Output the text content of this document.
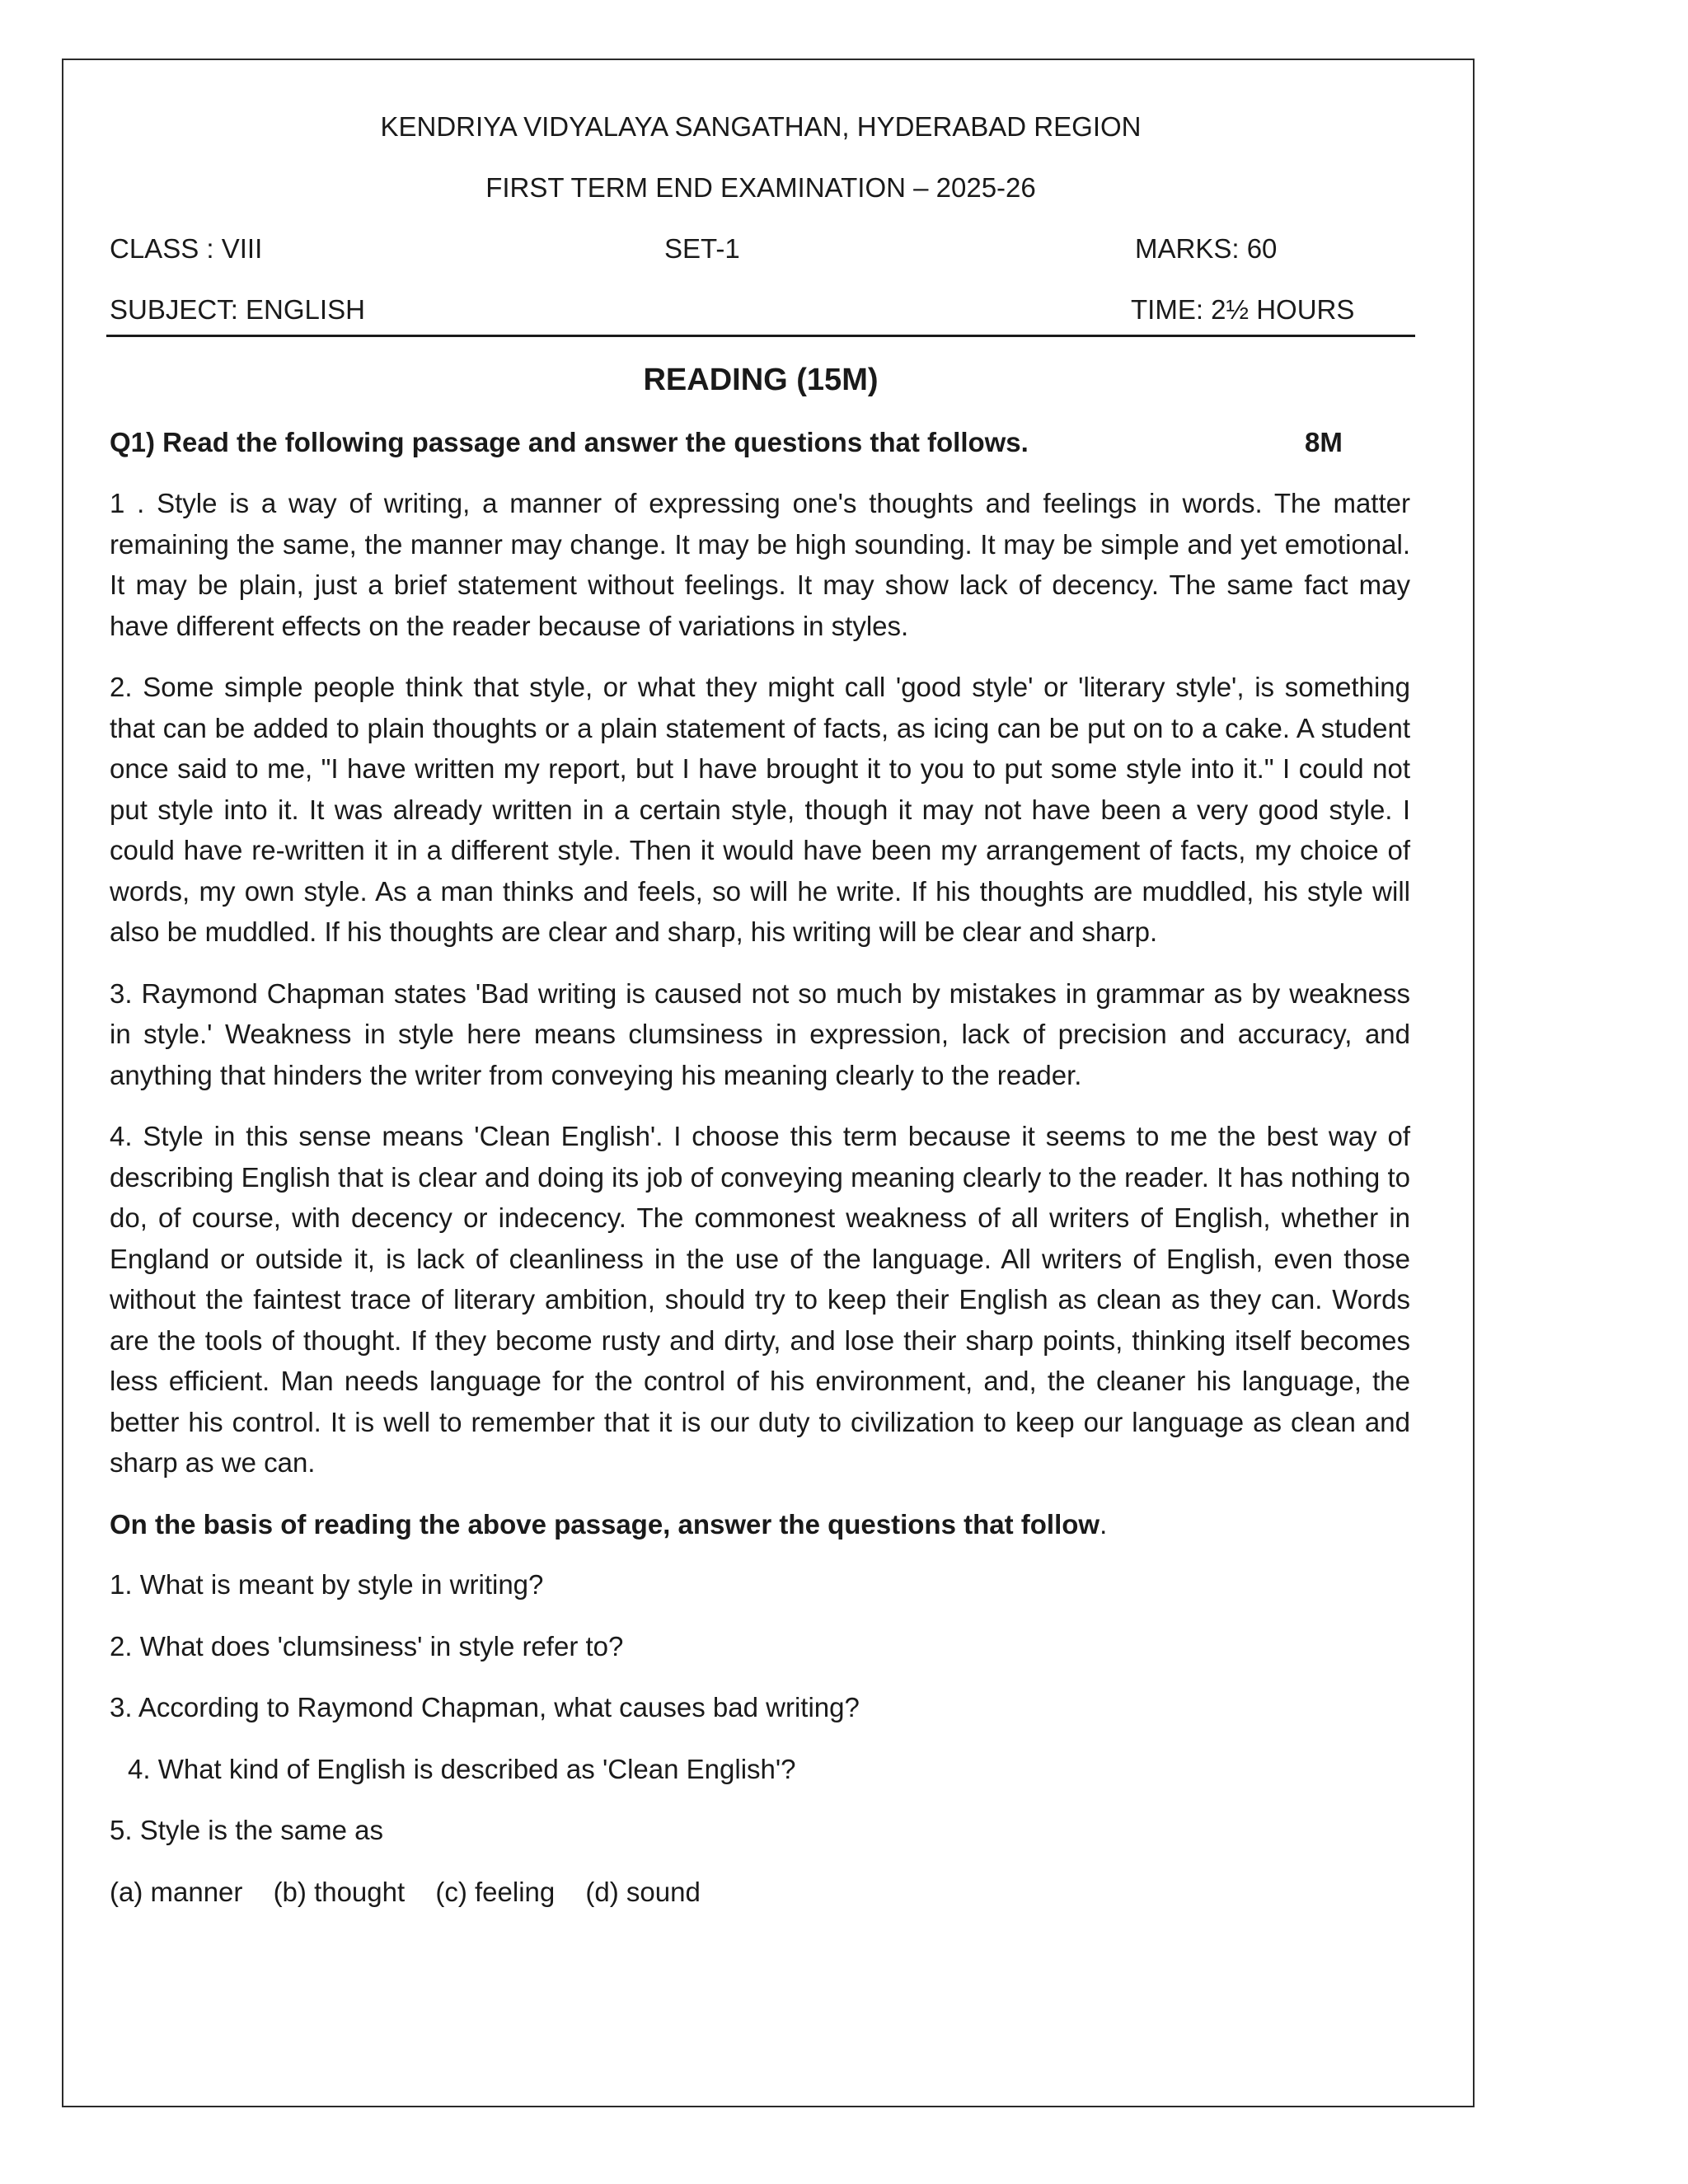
KENDRIYA VIDYALAYA SANGATHAN, HYDERABAD REGION
FIRST TERM END EXAMINATION – 2025-26
CLASS : VIII	SET-1	MARKS: 60
SUBJECT: ENGLISH	TIME: 2½ HOURS
READING (15M)
Q1) Read the following passage and answer the questions that follows.	8M

1 . Style is a way of writing, a manner of expressing one's thoughts and feelings in words. The matter remaining the same, the manner may change. It may be high sounding. It may be simple and yet emotional. It may be plain, just a brief statement without feelings. It may show lack of decency. The same fact may have different effects on the reader because of variations in styles.

2. Some simple people think that style, or what they might call 'good style' or 'literary style', is something that can be added to plain thoughts or a plain statement of facts, as icing can be put on to a cake. A student once said to me, "I have written my report, but I have brought it to you to put some style into it." I could not put style into it. It was already written in a certain style, though it may not have been a very good style. I could have re-written it in a different style. Then it would have been my arrangement of facts, my choice of words, my own style. As a man thinks and feels, so will he write. If his thoughts are muddled, his style will also be muddled. If his thoughts are clear and sharp, his writing will be clear and sharp.

3. Raymond Chapman states 'Bad writing is caused not so much by mistakes in grammar as by weakness in style.' Weakness in style here means clumsiness in expression, lack of precision and accuracy, and anything that hinders the writer from conveying his meaning clearly to the reader.

4. Style in this sense means 'Clean English'. I choose this term because it seems to me the best way of describing English that is clear and doing its job of conveying meaning clearly to the reader. It has nothing to do, of course, with decency or indecency. The commonest weakness of all writers of English, whether in England or outside it, is lack of cleanliness in the use of the language. All writers of English, even those without the faintest trace of literary ambition, should try to keep their English as clean as they can. Words are the tools of thought. If they become rusty and dirty, and lose their sharp points, thinking itself becomes less efficient. Man needs language for the control of his environment, and, the cleaner his language, the better his control. It is well to remember that it is our duty to civilization to keep our language as clean and sharp as we can.

On the basis of reading the above passage, answer the questions that follow.

1. What is meant by style in writing?

2. What does 'clumsiness' in style refer to?

3. According to Raymond Chapman, what causes bad writing?

4. What kind of English is described as 'Clean English'?

5. Style is the same as

(a) manner (b) thought (c) feeling (d) sound
